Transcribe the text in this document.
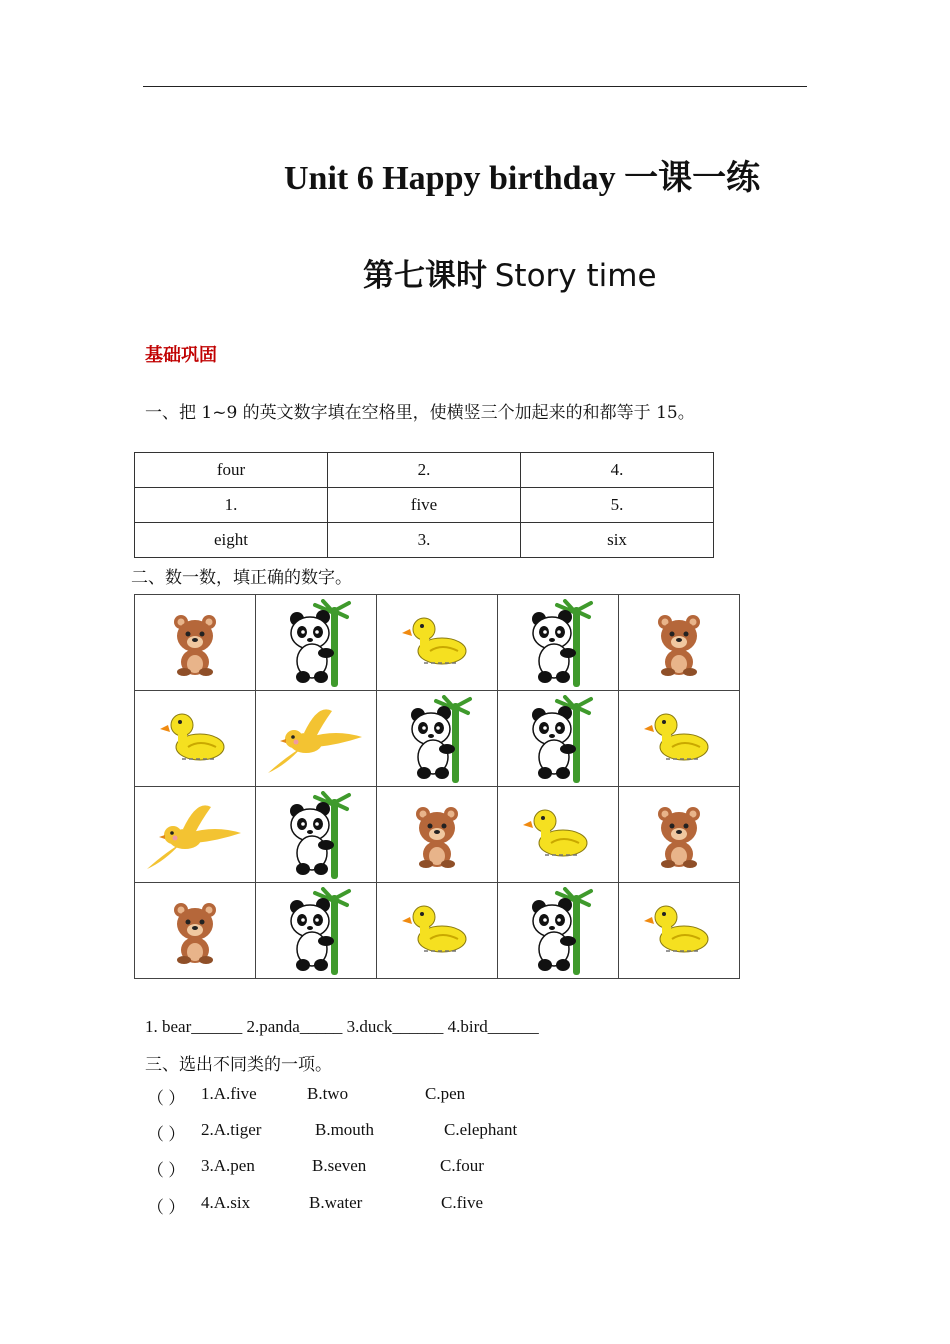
Unit 6 Happy birthday 一课一练
第七课时 Story time
基础巩固
一、把 1~9 的英文数字填在空格里，使横竖三个加起来的和都等于 15。
four	2.	4.
1.	five	5.
eight	3.	six
二、数一数，填正确的数字。

1. bear______ 2.panda_____ 3.duck______ 4.bird______
三、选出不同类的一项。
（ ） 1.A.five	B.two	C.pen
（ ） 2.A.tiger	B.mouth	C.elephant
（ ） 3.A.pen	B.seven	C.four
（ ） 4.A.six	B.water	C.five
